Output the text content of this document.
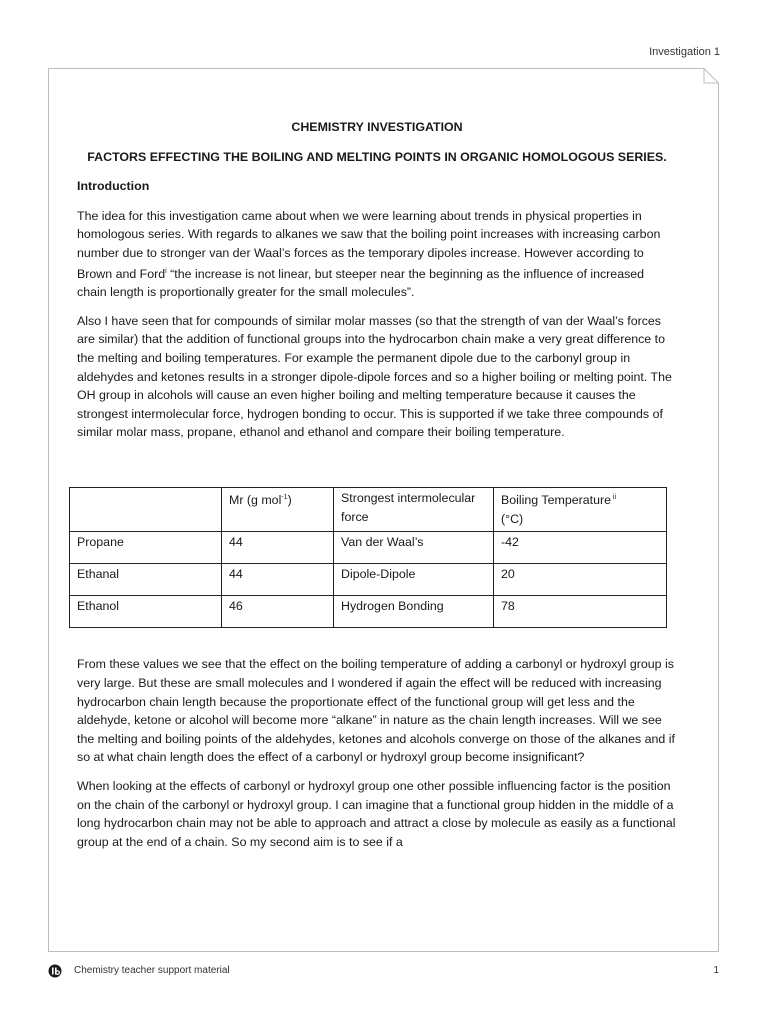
Investigation 1
CHEMISTRY INVESTIGATION
FACTORS EFFECTING THE BOILING AND MELTING POINTS IN ORGANIC HOMOLOGOUS SERIES.
Introduction

The idea for this investigation came about when we were learning about trends in physical properties in homologous series. With regards to alkanes we saw that the boiling point increases with increasing carbon number due to stronger van der Waal’s forces as the temporary dipoles increase. However according to Brown and Ford$^i$ “the increase is not linear, but steeper near the beginning as the influence of increased chain length is proportionally greater for the small molecules”.

Also I have seen that for compounds of similar molar masses (so that the strength of van der Waal’s forces are similar) that the addition of functional groups into the hydrocarbon chain make a very great difference to the melting and boiling temperatures. For example the permanent dipole due to the carbonyl group in aldehydes and ketones results in a stronger dipole-dipole forces and so a higher boiling or melting point. The OH group in alcohols will cause an even higher boiling and melting temperature because it causes the strongest intermolecular force, hydrogen bonding to occur. This is supported if we take three compounds of similar molar mass, propane, ethanol and ethanol and compare their boiling temperature.

	Mr (g mol$^{-1}$)	Strongest intermolecular force	Boiling Temperature $^{ii}$
(°C)
Propane	44	Van der Waal’s	-42
Ethanal	44	Dipole-Dipole	20
Ethanol	46	Hydrogen Bonding	78

From these values we see that the effect on the boiling temperature of adding a carbonyl or hydroxyl group is very large. But these are small molecules and I wondered if again the effect will be reduced with increasing hydrocarbon chain length because the proportionate effect of the functional group will get less and the aldehyde, ketone or alcohol will become more “alkane” in nature as the chain length increases. Will we see the melting and boiling points of the aldehydes, ketones and alcohols converge on those of the alkanes and if so at what chain length does the effect of a carbonyl or hydroxyl group become insignificant?

When looking at the effects of carbonyl or hydroxyl group one other possible influencing factor is the position on the chain of the carbonyl or hydroxyl group. I can imagine that a functional group hidden in the middle of a long hydrocarbon chain may not be able to approach and attract a close by molecule as easily as a functional group at the end of a chain. So my second aim is to see if a

Chemistry teacher support material	1
